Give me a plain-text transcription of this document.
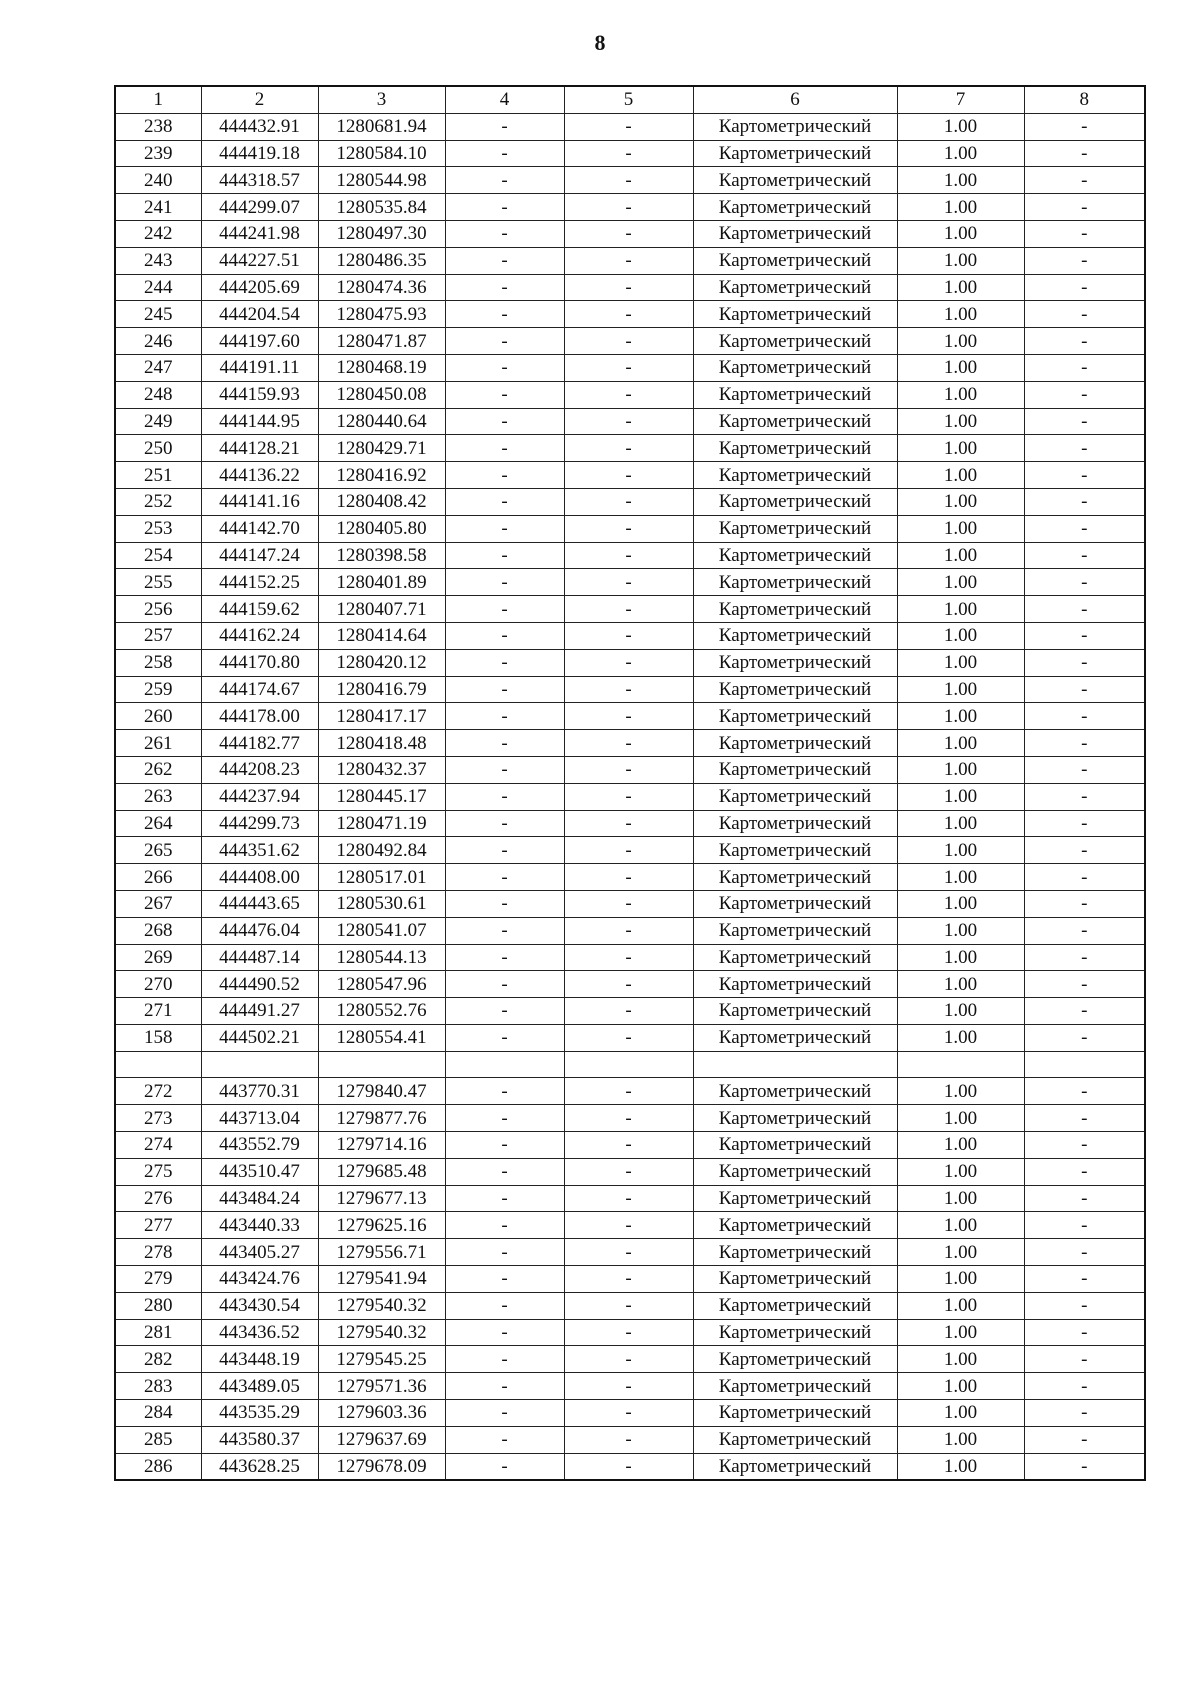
8
1	2	3	4	5	6	7	8
238	444432.91	1280681.94	-	-	Картометрический	1.00	-
239	444419.18	1280584.10	-	-	Картометрический	1.00	-
240	444318.57	1280544.98	-	-	Картометрический	1.00	-
241	444299.07	1280535.84	-	-	Картометрический	1.00	-
242	444241.98	1280497.30	-	-	Картометрический	1.00	-
243	444227.51	1280486.35	-	-	Картометрический	1.00	-
244	444205.69	1280474.36	-	-	Картометрический	1.00	-
245	444204.54	1280475.93	-	-	Картометрический	1.00	-
246	444197.60	1280471.87	-	-	Картометрический	1.00	-
247	444191.11	1280468.19	-	-	Картометрический	1.00	-
248	444159.93	1280450.08	-	-	Картометрический	1.00	-
249	444144.95	1280440.64	-	-	Картометрический	1.00	-
250	444128.21	1280429.71	-	-	Картометрический	1.00	-
251	444136.22	1280416.92	-	-	Картометрический	1.00	-
252	444141.16	1280408.42	-	-	Картометрический	1.00	-
253	444142.70	1280405.80	-	-	Картометрический	1.00	-
254	444147.24	1280398.58	-	-	Картометрический	1.00	-
255	444152.25	1280401.89	-	-	Картометрический	1.00	-
256	444159.62	1280407.71	-	-	Картометрический	1.00	-
257	444162.24	1280414.64	-	-	Картометрический	1.00	-
258	444170.80	1280420.12	-	-	Картометрический	1.00	-
259	444174.67	1280416.79	-	-	Картометрический	1.00	-
260	444178.00	1280417.17	-	-	Картометрический	1.00	-
261	444182.77	1280418.48	-	-	Картометрический	1.00	-
262	444208.23	1280432.37	-	-	Картометрический	1.00	-
263	444237.94	1280445.17	-	-	Картометрический	1.00	-
264	444299.73	1280471.19	-	-	Картометрический	1.00	-
265	444351.62	1280492.84	-	-	Картометрический	1.00	-
266	444408.00	1280517.01	-	-	Картометрический	1.00	-
267	444443.65	1280530.61	-	-	Картометрический	1.00	-
268	444476.04	1280541.07	-	-	Картометрический	1.00	-
269	444487.14	1280544.13	-	-	Картометрический	1.00	-
270	444490.52	1280547.96	-	-	Картометрический	1.00	-
271	444491.27	1280552.76	-	-	Картометрический	1.00	-
158	444502.21	1280554.41	-	-	Картометрический	1.00	-

272	443770.31	1279840.47	-	-	Картометрический	1.00	-
273	443713.04	1279877.76	-	-	Картометрический	1.00	-
274	443552.79	1279714.16	-	-	Картометрический	1.00	-
275	443510.47	1279685.48	-	-	Картометрический	1.00	-
276	443484.24	1279677.13	-	-	Картометрический	1.00	-
277	443440.33	1279625.16	-	-	Картометрический	1.00	-
278	443405.27	1279556.71	-	-	Картометрический	1.00	-
279	443424.76	1279541.94	-	-	Картометрический	1.00	-
280	443430.54	1279540.32	-	-	Картометрический	1.00	-
281	443436.52	1279540.32	-	-	Картометрический	1.00	-
282	443448.19	1279545.25	-	-	Картометрический	1.00	-
283	443489.05	1279571.36	-	-	Картометрический	1.00	-
284	443535.29	1279603.36	-	-	Картометрический	1.00	-
285	443580.37	1279637.69	-	-	Картометрический	1.00	-
286	443628.25	1279678.09	-	-	Картометрический	1.00	-
